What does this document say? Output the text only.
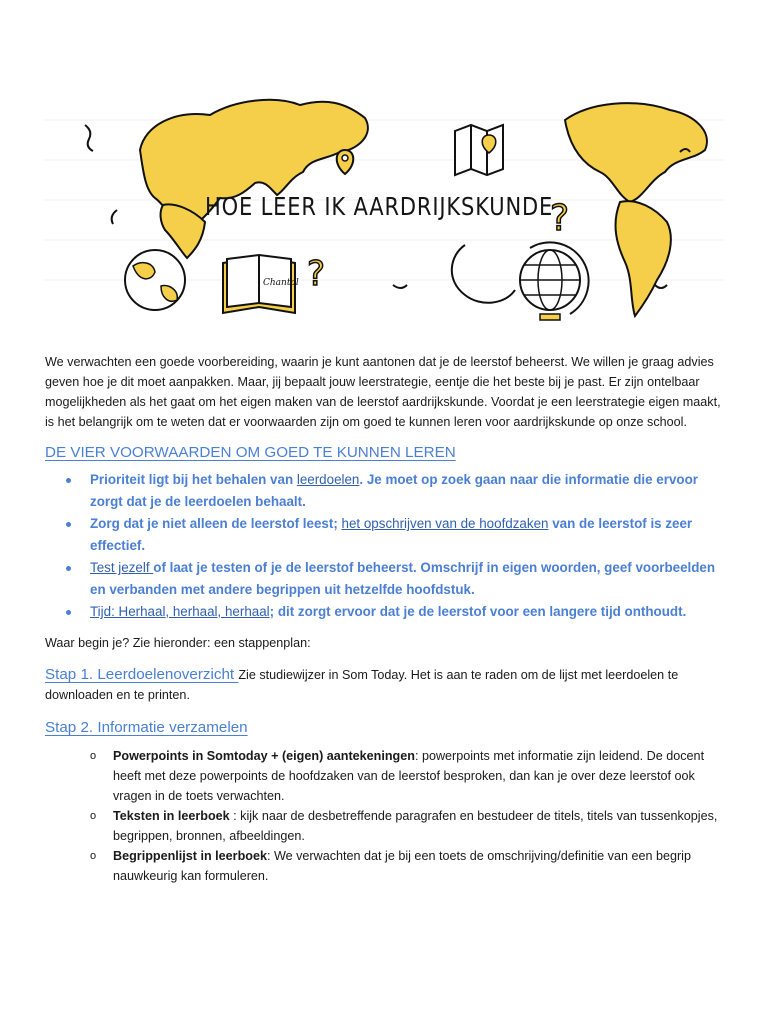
?
?
Chantal
HOE LEER IK AARDRIJKSKUNDE

We verwachten een goede voorbereiding, waarin je kunt aantonen dat je de leerstof beheerst. We willen je graag advies geven hoe je dit moet aanpakken. Maar, jij bepaalt jouw leerstrategie, eentje die het beste bij je past. Er zijn ontelbaar mogelijkheden als het gaat om het eigen maken van de leerstof aardrijkskunde. Voordat je een leerstrategie eigen maakt, is het belangrijk om te weten dat er voorwaarden zijn om goed te kunnen leren voor aardrijkskunde op onze school.

DE VIER VOORWAARDEN OM GOED TE KUNNEN LEREN
Prioriteit ligt bij het behalen van leerdoelen. Je moet op zoek gaan naar die informatie die ervoor zorgt dat je de leerdoelen behaalt.
Zorg dat je niet alleen de leerstof leest; het opschrijven van de hoofdzaken van de leerstof is zeer effectief.
Test jezelf of laat je testen of je de leerstof beheerst. Omschrijf in eigen woorden, geef voorbeelden en verbanden met andere begrippen uit hetzelfde hoofdstuk.
Tijd: Herhaal, herhaal, herhaal; dit zorgt ervoor dat je de leerstof voor een langere tijd onthoudt.

Waar begin je? Zie hieronder: een stappenplan:

Stap 1. Leerdoelenoverzicht Zie studiewijzer in Som Today. Het is aan te raden om de lijst met leerdoelen te downloaden en te printen.

Stap 2. Informatie verzamelen
o Powerpoints in Somtoday + (eigen) aantekeningen: powerpoints met informatie zijn leidend. De docent heeft met deze powerpoints de hoofdzaken van de leerstof besproken, dan kan je over deze leerstof ook vragen in de toets verwachten.
o Teksten in leerboek : kijk naar de desbetreffende paragrafen en bestudeer de titels, titels van tussenkopjes, begrippen, bronnen, afbeeldingen.
o Begrippenlijst in leerboek: We verwachten dat je bij een toets de omschrijving/definitie van een begrip nauwkeurig kan formuleren.
